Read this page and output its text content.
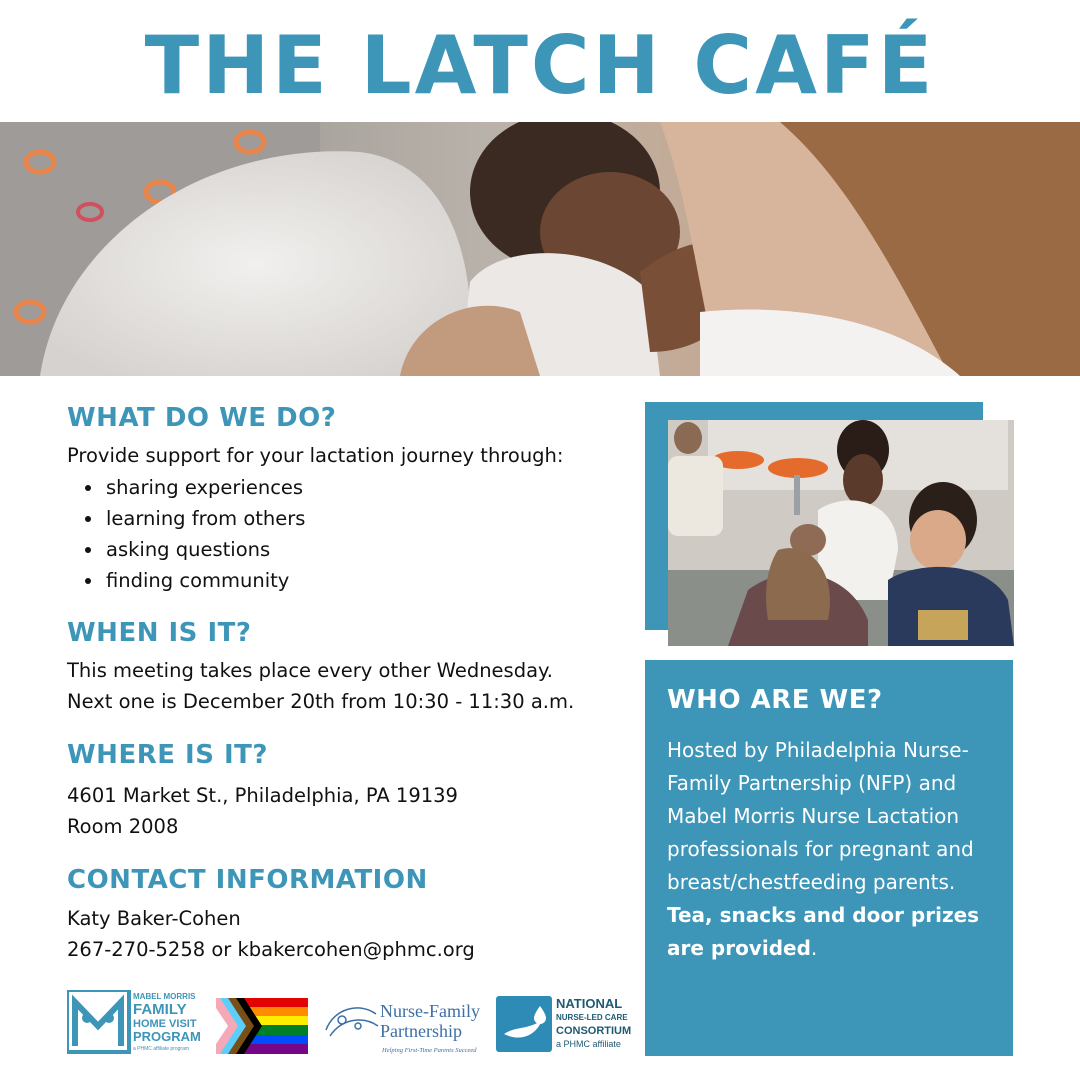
THE LATCH CAFÉ
WHAT DO WE DO?

Provide support for your lactation journey through:

• sharing experiences
• learning from others
• asking questions
• finding community
WHEN IS IT?

This meeting takes place every other Wednesday.

Next one is December 20th from 10:30 - 11:30 a.m.

WHERE IS IT?

4601 Market St., Philadelphia, PA 19139

Room 2008

CONTACT INFORMATION

Katy Baker-Cohen

267-270-5258 or kbakercohen@phmc.org

WHO ARE WE?

Hosted by Philadelphia Nurse-Family Partnership (NFP) and Mabel Morris Nurse Lactation professionals for pregnant and breast/chestfeeding parents. Tea, snacks and door prizes are provided.

MABEL MORRIS
FAMILY
HOME VISIT
PROGRAM
a PHMC affiliate program
Nurse-Family
Partnership
Helping First-Time Parents Succeed
NATIONAL
NURSE-LED CARE
CONSORTIUM
a PHMC affiliate
